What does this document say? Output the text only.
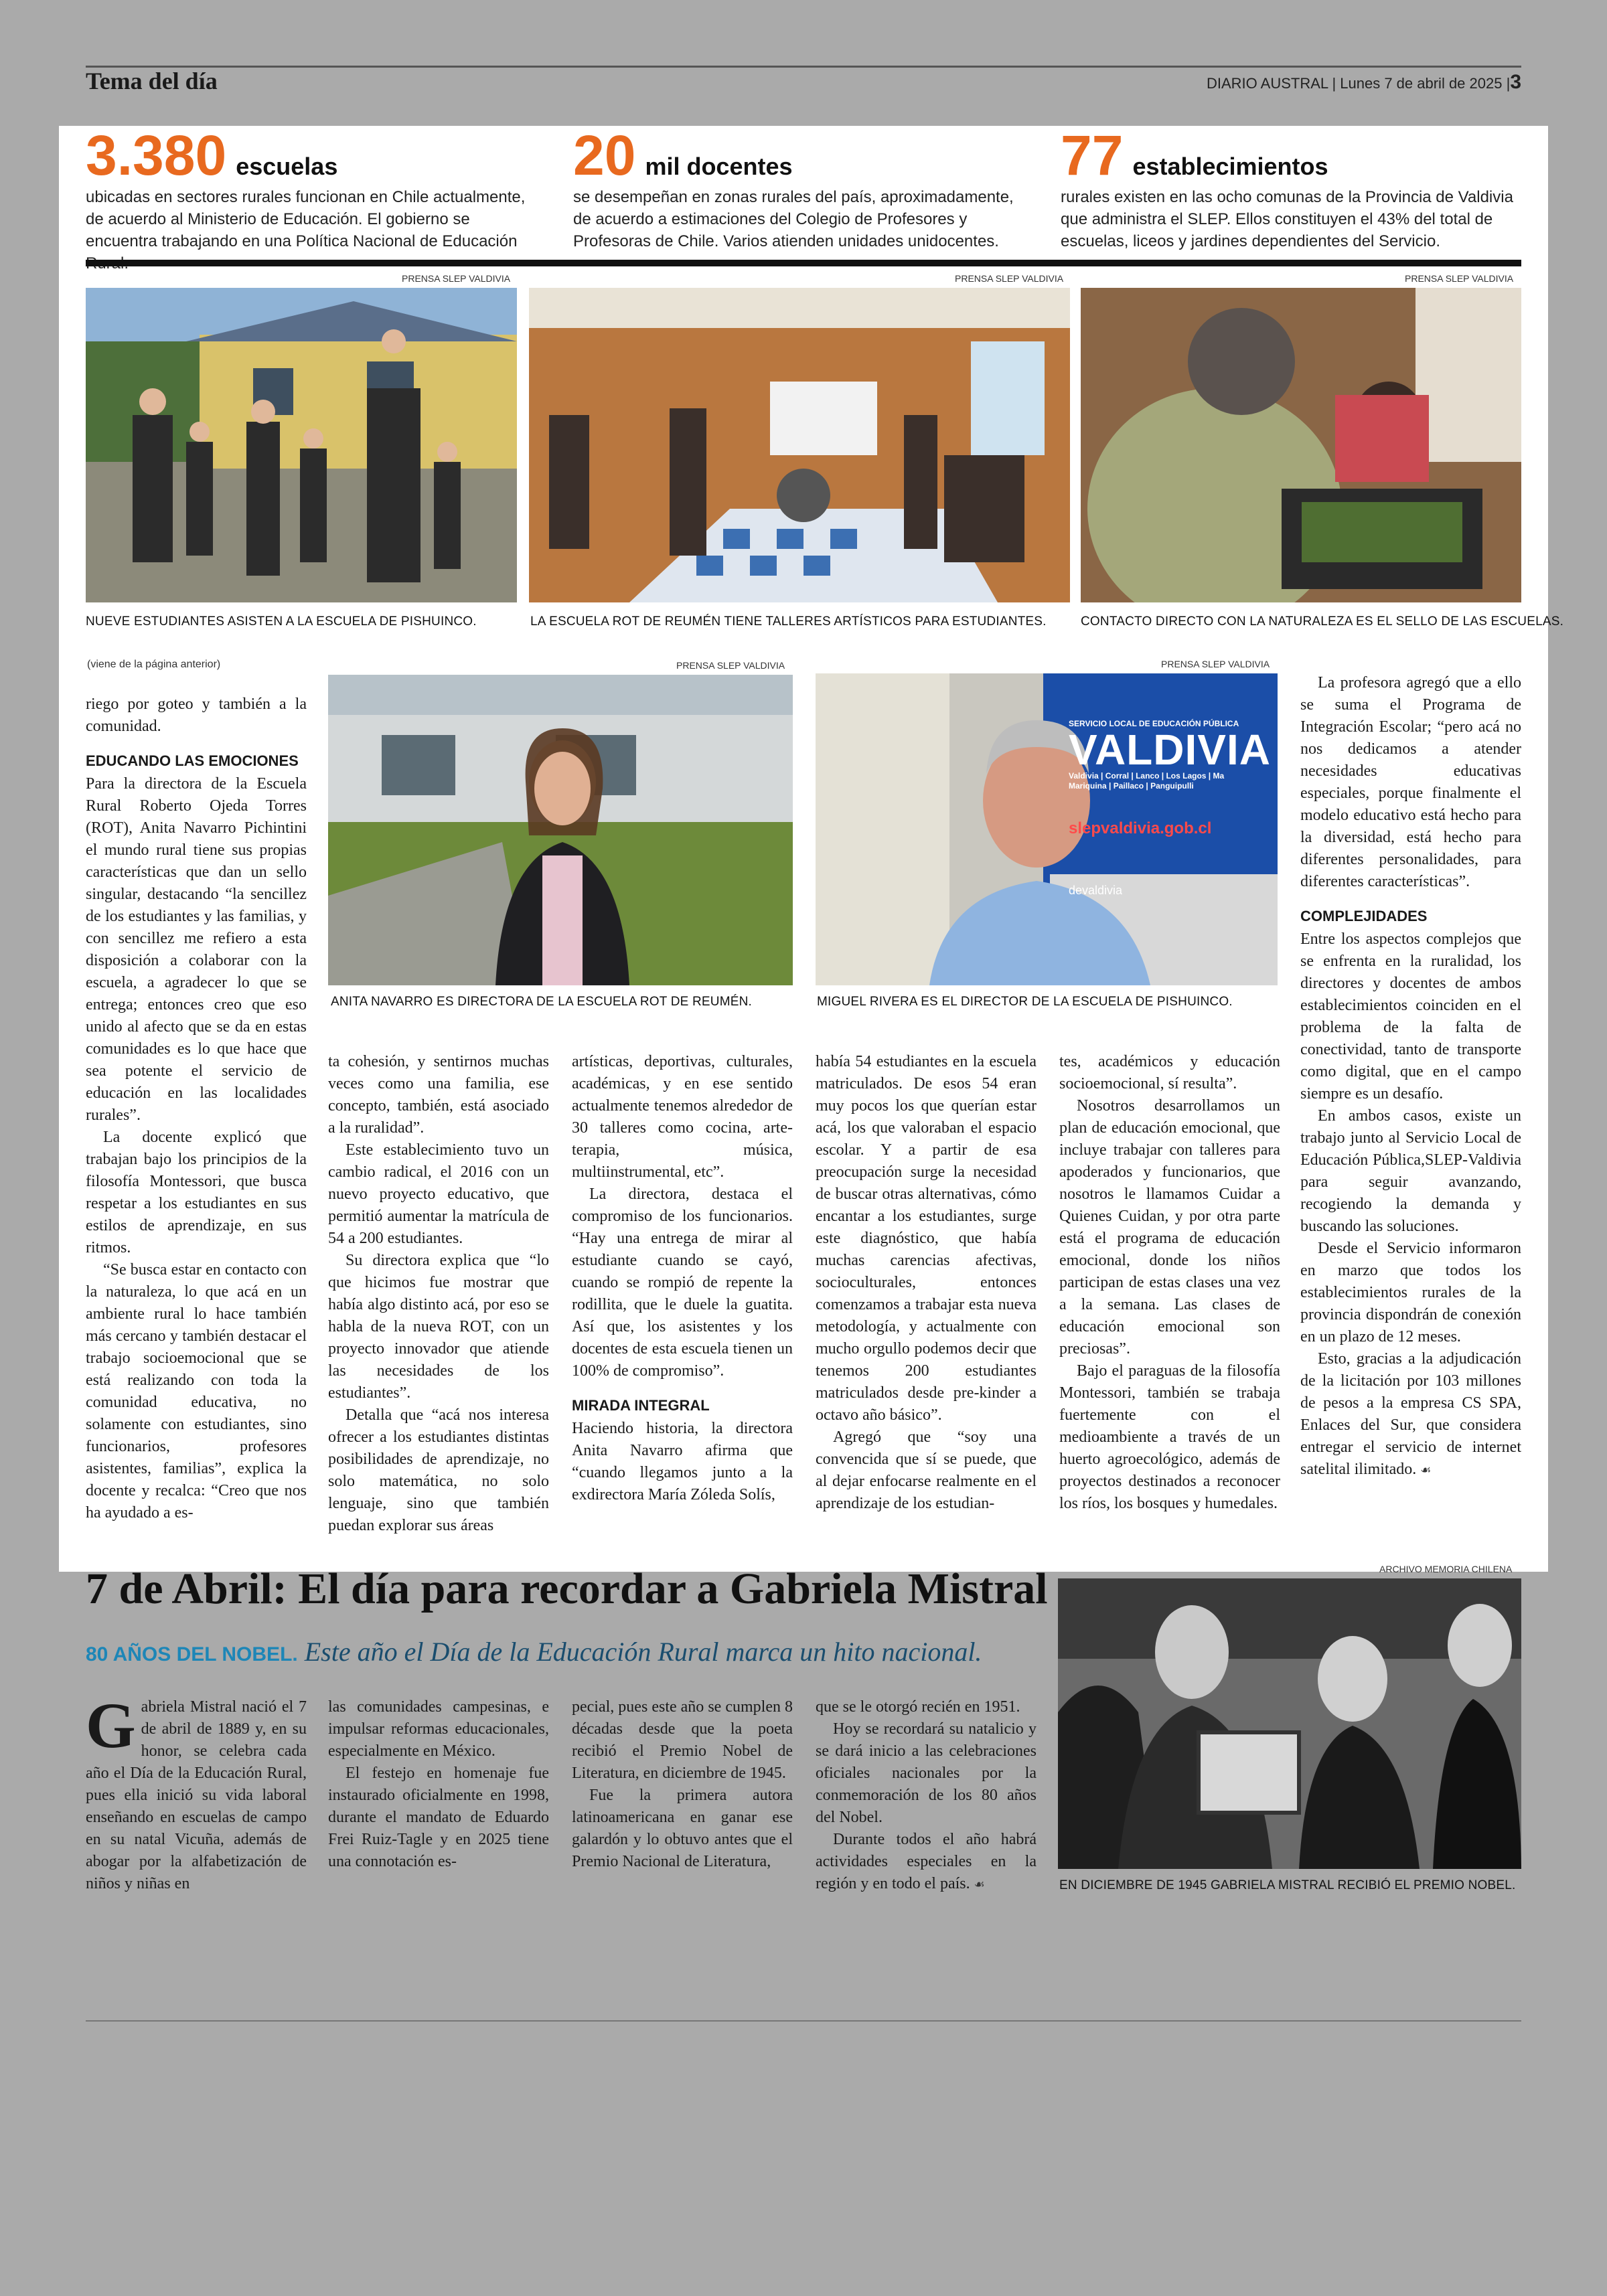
Tema del día	DIARIO AUSTRAL | Lunes 7 de abril de 2025 |3
3.380 escuelas

ubicadas en sectores rurales funcionan en Chile actualmente, de acuerdo al Ministerio de Educación. El gobierno se encuentra trabajando en una Política Nacional de Educación

20 mil docentes

se desempeñan en zonas rurales del país, aproximadamente, de acuerdo a estimaciones del Colegio de Profesores y Profesoras de Chile. Varios atienden unidades unidocentes.

77 establecimientos

rurales existen en las ocho comunas de la Provincia de Valdivia que administra el SLEP. Ellos constituyen el 43% del total de escuelas, liceos y jardines dependientes del Servicio.

PRENSA SLEP VALDIVIA
NUEVE ESTUDIANTES ASISTEN A LA ESCUELA DE PISHUINCO.
PRENSA SLEP VALDIVIA
LA ESCUELA ROT DE REUMÉN TIENE TALLERES ARTÍSTICOS PARA ESTUDIANTES.
PRENSA SLEP VALDIVIA
CONTACTO DIRECTO CON LA NATURALEZA ES EL SELLO DE LAS ESCUELAS.
(viene de la página anterior)

riego por goteo y también a la comunidad.

EDUCANDO LAS EMOCIONES

Para la directora de la Escuela Rural Roberto Ojeda Torres (ROT), Anita Navarro Pichintini el mundo rural tiene sus propias características que dan un sello singular, destacando “la sencillez de los estudiantes y las familias, y con sencillez me refiero a esta disposición a colaborar con la escuela, a agradecer lo que se entrega; entonces creo que eso unido al afecto que se da en estas comunidades es lo que hace que sea potente el servicio de educación en las localidades rurales”.

La docente explicó que trabajan bajo los principios de la filosofía Montessori, que busca respetar a los estudiantes en sus estilos de aprendizaje, en sus ritmos.

“Se busca estar en contacto con la naturaleza, lo que acá en un ambiente rural lo hace también más cercano y también destacar el trabajo socioemocional que se está realizando con toda la comunidad educativa, no solamente con estudiantes, sino funcionarios, profesores asistentes, familias”, explica la docente y recalca: “Creo que nos ha ayudado a es-

PRENSA SLEP VALDIVIA
ANITA NAVARRO ES DIRECTORA DE LA ESCUELA ROT DE REUMÉN.
PRENSA SLEP VALDIVIA
SERVICIO LOCAL DE EDUCACIÓN PÚBLICA
VALDIVIA
Valdivia | Corral | Lanco | Los Lagos | Ma Mariquina | Paillaco | Panguipulli
slepvaldivia.gob.cl
devaldivia
MIGUEL RIVERA ES EL DIRECTOR DE LA ESCUELA DE PISHUINCO.

ta cohesión, y sentirnos muchas veces como una familia, ese concepto, también, está asociado a la ruralidad”.

Este establecimiento tuvo un cambio radical, el 2016 con un nuevo proyecto educativo, que permitió aumentar la matrícula de 54 a 200 estudiantes.

Su directora explica que “lo que hicimos fue mostrar que había algo distinto acá, por eso se habla de la nueva ROT, con un proyecto innovador que atiende las necesidades de los estudiantes”.

Detalla que “acá nos interesa ofrecer a los estudiantes distintas posibilidades de aprendizaje, no solo matemática, no solo lenguaje, sino que también puedan explorar sus áreas

artísticas, deportivas, culturales, académicas, y en ese sentido actualmente tenemos alrededor de 30 talleres como cocina, arte-terapia, música, multiinstrumental, etc”.

La directora, destaca el compromiso de los funcionarios. “Hay una entrega de mirar al estudiante cuando se cayó, cuando se rompió de repente la rodillita, que le duele la guatita. Así que, los asistentes y los docentes de esta escuela tienen un 100% de compromiso”.

MIRADA INTEGRAL

Haciendo historia, la directora Anita Navarro afirma que “cuando llegamos junto a la exdirectora María Zóleda Solís,

había 54 estudiantes en la escuela matriculados. De esos 54 eran muy pocos los que querían estar acá, los que valoraban el espacio escolar. Y a partir de esa preocupación surge la necesidad de buscar otras alternativas, cómo encantar a los estudiantes, surge este diagnóstico, que había muchas carencias afectivas, socioculturales, entonces comenzamos a trabajar esta nueva metodología, y actualmente con mucho orgullo podemos decir que tenemos 200 estudiantes matriculados desde pre-kinder a octavo año básico”.

Agregó que “soy una convencida que sí se puede, que al dejar enfocarse realmente en el aprendizaje de los estudian-

tes, académicos y educación socioemocional, sí resulta”.

Nosotros desarrollamos un plan de educación emocional, que incluye trabajar con talleres para apoderados y funcionarios, que nosotros le llamamos Cuidar a Quienes Cuidan, y por otra parte está el programa de educación emocional, donde los niños participan de estas clases una vez a la semana. Las clases de educación emocional son preciosas”.

Bajo el paraguas de la filosofía Montessori, también se trabaja fuertemente con el medioambiente a través de un huerto agroecológico, además de proyectos destinados a reconocer los ríos, los bosques y humedales.

La profesora agregó que a ello se suma el Programa de Integración Escolar; “pero acá no nos dedicamos a atender necesidades educativas especiales, porque finalmente el modelo educativo está hecho para la diversidad, está hecho para diferentes personalidades, para diferentes características”.

COMPLEJIDADES

Entre los aspectos complejos que se enfrenta en la ruralidad, los directores y docentes de ambos establecimientos coinciden en el problema de la falta de conectividad, tanto de transporte como digital, que en el campo siempre es un desafío.

En ambos casos, existe un trabajo junto al Servicio Local de Educación Pública,SLEP-Valdivia para seguir avanzando, recogiendo la demanda y buscando las soluciones.

Desde el Servicio informaron en marzo que todos los establecimientos rurales de la provincia dispondrán de conexión en un plazo de 12 meses.

Esto, gracias a la adjudicación de la licitación por 103 millones de pesos a la empresa CS SPA, Enlaces del Sur, que considera entregar el servicio de internet satelital ilimitado. ☙

7 de Abril: El día para recordar a Gabriela Mistral
80 AÑOS DEL NOBEL. Este año el Día de la Educación Rural marca un hito nacional.
Gabriela Mistral nació el 7 de abril de 1889 y, en su honor, se celebra cada año el Día de la Educación Rural, pues ella inició su vida laboral enseñando en escuelas de campo en su natal Vicuña, además de abogar por la alfabetización de niños y niñas en

las comunidades campesinas, e impulsar reformas educacionales, especialmente en México.

El festejo en homenaje fue instaurado oficialmente en 1998, durante el mandato de Eduardo Frei Ruiz-Tagle y en 2025 tiene una connotación es-

pecial, pues este año se cumplen 8 décadas desde que la poeta recibió el Premio Nobel de Literatura, en diciembre de 1945.

Fue la primera autora latinoamericana en ganar ese galardón y lo obtuvo antes que el Premio Nacional de Literatura,

que se le otorgó recién en 1951.

Hoy se recordará su natalicio y se dará inicio a las celebraciones oficiales nacionales por la conmemoración de los 80 años del Nobel.

Durante todos el año habrá actividades especiales en la región y en todo el país. ☙

ARCHIVO MEMORIA CHILENA
EN DICIEMBRE DE 1945 GABRIELA MISTRAL RECIBIÓ EL PREMIO NOBEL.
